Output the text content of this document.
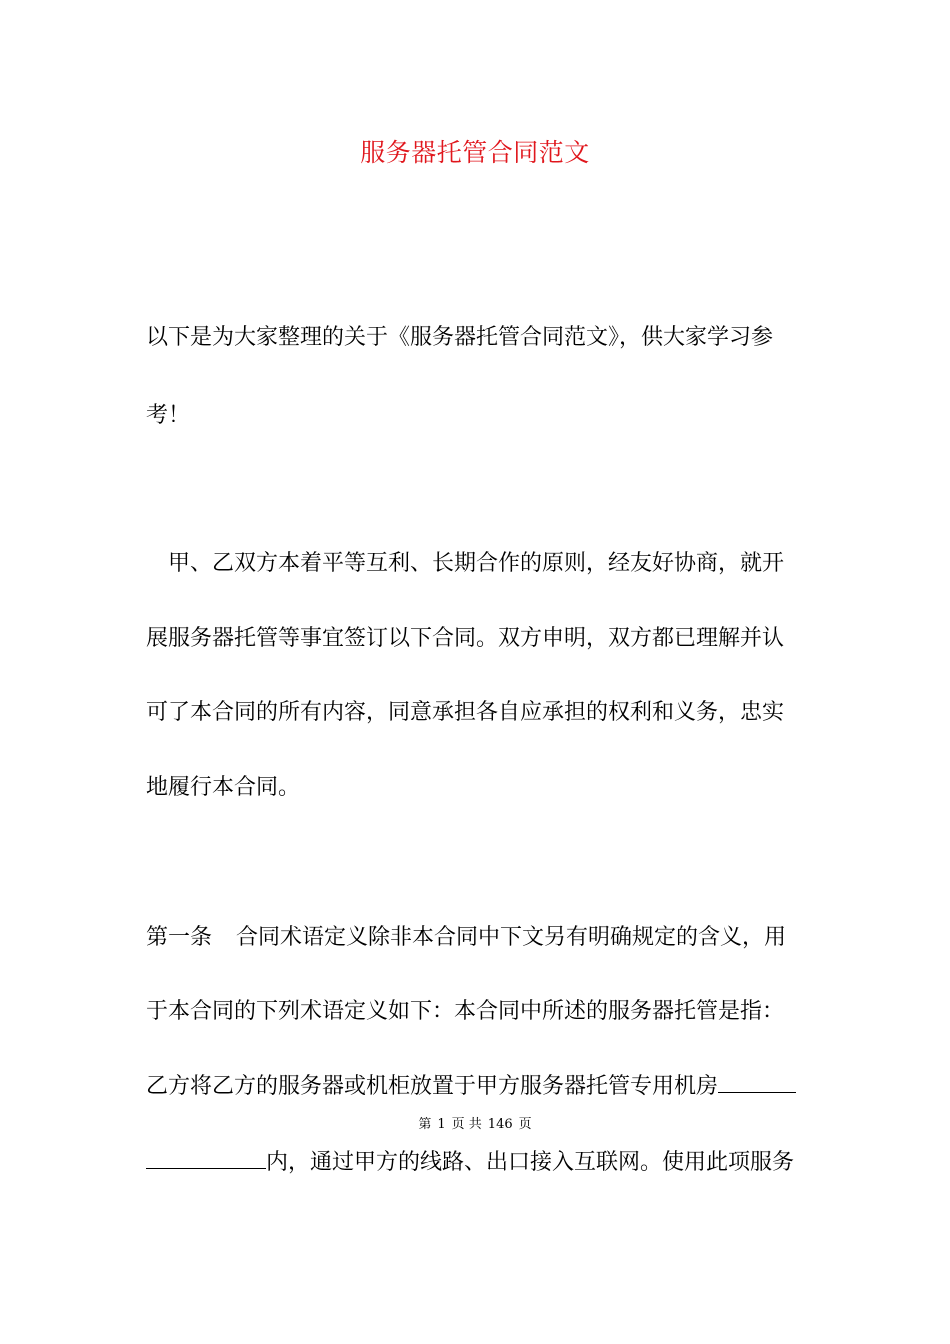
服务器托管合同范文
以下是为大家整理的关于《服务器托管合同范文》，供大家学习参
考！
甲、乙双方本着平等互利、长期合作的原则，经友好协商，就开
展服务器托管等事宜签订以下合同。双方申明，双方都已理解并认
可了本合同的所有内容，同意承担各自应承担的权利和义务，忠实
地履行本合同。
第一条 合同术语定义除非本合同中下文另有明确规定的含义，用
于本合同的下列术语定义如下：本合同中所述的服务器托管是指：
乙方将乙方的服务器或机柜放置于甲方服务器托管专用机房
第 1 页 共 146 页
内，通过甲方的线路、出口接入互联网。使用此项服务
